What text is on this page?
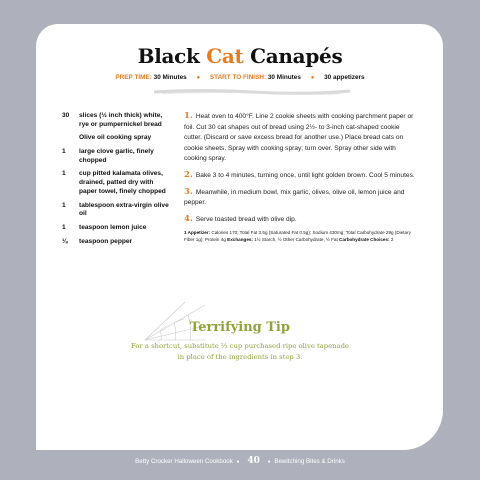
Black Cat Canapés
PREP TIME: 30 Minutes ● START TO FINISH: 30 Minutes ● 30 appetizers
30	slices (½ inch thick) white, rye or pumpernickel bread
Olive oil cooking spray
1	large clove garlic, finely chopped
1	cup pitted kalamata olives, drained, patted dry with paper towel, finely chopped
1	tablespoon extra-virgin olive oil
1	teaspoon lemon juice
⅛	teaspoon pepper
1. Heat oven to 400°F. Line 2 cookie sheets with cooking parchment paper or foil. Cut 30 cat shapes out of bread using 2½- to 3-inch cat-shaped cookie cutter. (Discard or save excess bread for another use.) Place bread cats on cookie sheets. Spray with cooking spray; turn over. Spray other side with cooking spray.
2. Bake 3 to 4 minutes, turning once, until light golden brown. Cool 5 minutes.
3. Meanwhile, in medium bowl, mix garlic, olives, olive oil, lemon juice and pepper.
4. Serve toasted bread with olive dip.
1 Appetizer: Calories 170; Total Fat 3.5g (Saturated Fat 0.5g); Sodium 430mg; Total Carbohydrate 29g (Dietary Fiber 1g); Protein 4g Exchanges: 1½ Starch, ½ Other Carbohydrate, ½ Fat Carbohydrate Choices: 2
Terrifying Tip
For a shortcut, substitute ⅔ cup purchased ripe olive tapenade
in place of the ingredients in step 3.
Betty Crocker Halloween Cookbook ● 40 ● Bewitching Bites & Drinks
